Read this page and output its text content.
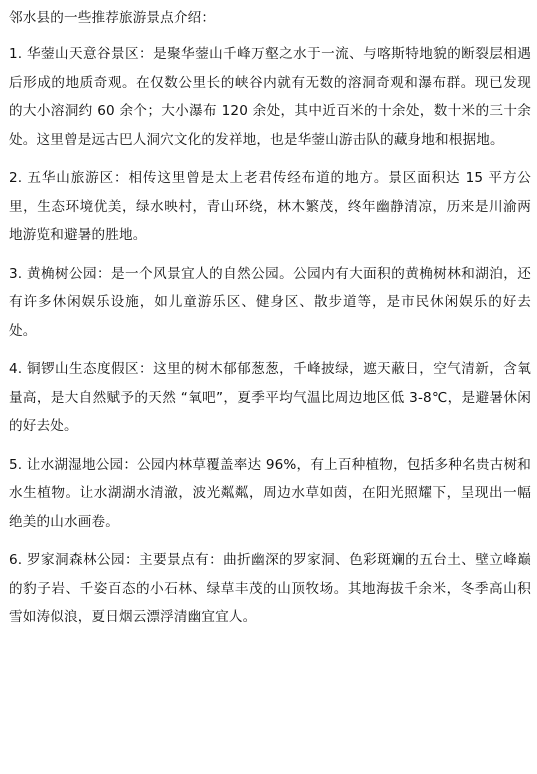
邻水县的一些推荐旅游景点介绍：

1. 华蓥山天意谷景区：是聚华蓥山千峰万壑之水于一流、与喀斯特地貌的断裂层相遇后形成的地质奇观。在仅数公里长的峡谷内就有无数的溶洞奇观和瀑布群。现已发现的大小溶洞约 60 余个；大小瀑布 120 余处，其中近百米的十余处，数十米的三十余处。这里曾是远古巴人洞穴文化的发祥地，也是华蓥山游击队的藏身地和根据地。

2. 五华山旅游区：相传这里曾是太上老君传经布道的地方。景区面积达 15 平方公里，生态环境优美，绿水映村，青山环绕，林木繁茂，终年幽静清凉，历来是川渝两地游览和避暑的胜地。

3. 黄桷树公园：是一个风景宜人的自然公园。公园内有大面积的黄桷树林和湖泊，还有许多休闲娱乐设施，如儿童游乐区、健身区、散步道等，是市民休闲娱乐的好去处。

4. 铜锣山生态度假区：这里的树木郁郁葱葱，千峰披绿，遮天蔽日，空气清新，含氧量高，是大自然赋予的天然 “氧吧”，夏季平均气温比周边地区低 3-8℃，是避暑休闲的好去处。

5. 让水湖湿地公园：公园内林草覆盖率达 96%，有上百种植物，包括多种名贵古树和水生植物。让水湖湖水清澈，波光粼粼，周边水草如茵，在阳光照耀下，呈现出一幅绝美的山水画卷。

6. 罗家洞森林公园：主要景点有：曲折幽深的罗家洞、色彩斑斓的五台土、壁立峰巅的豹子岩、千姿百态的小石林、绿草丰茂的山顶牧场。其地海拔千余米，冬季高山积雪如涛似浪，夏日烟云漂浮清幽宜宜人。
